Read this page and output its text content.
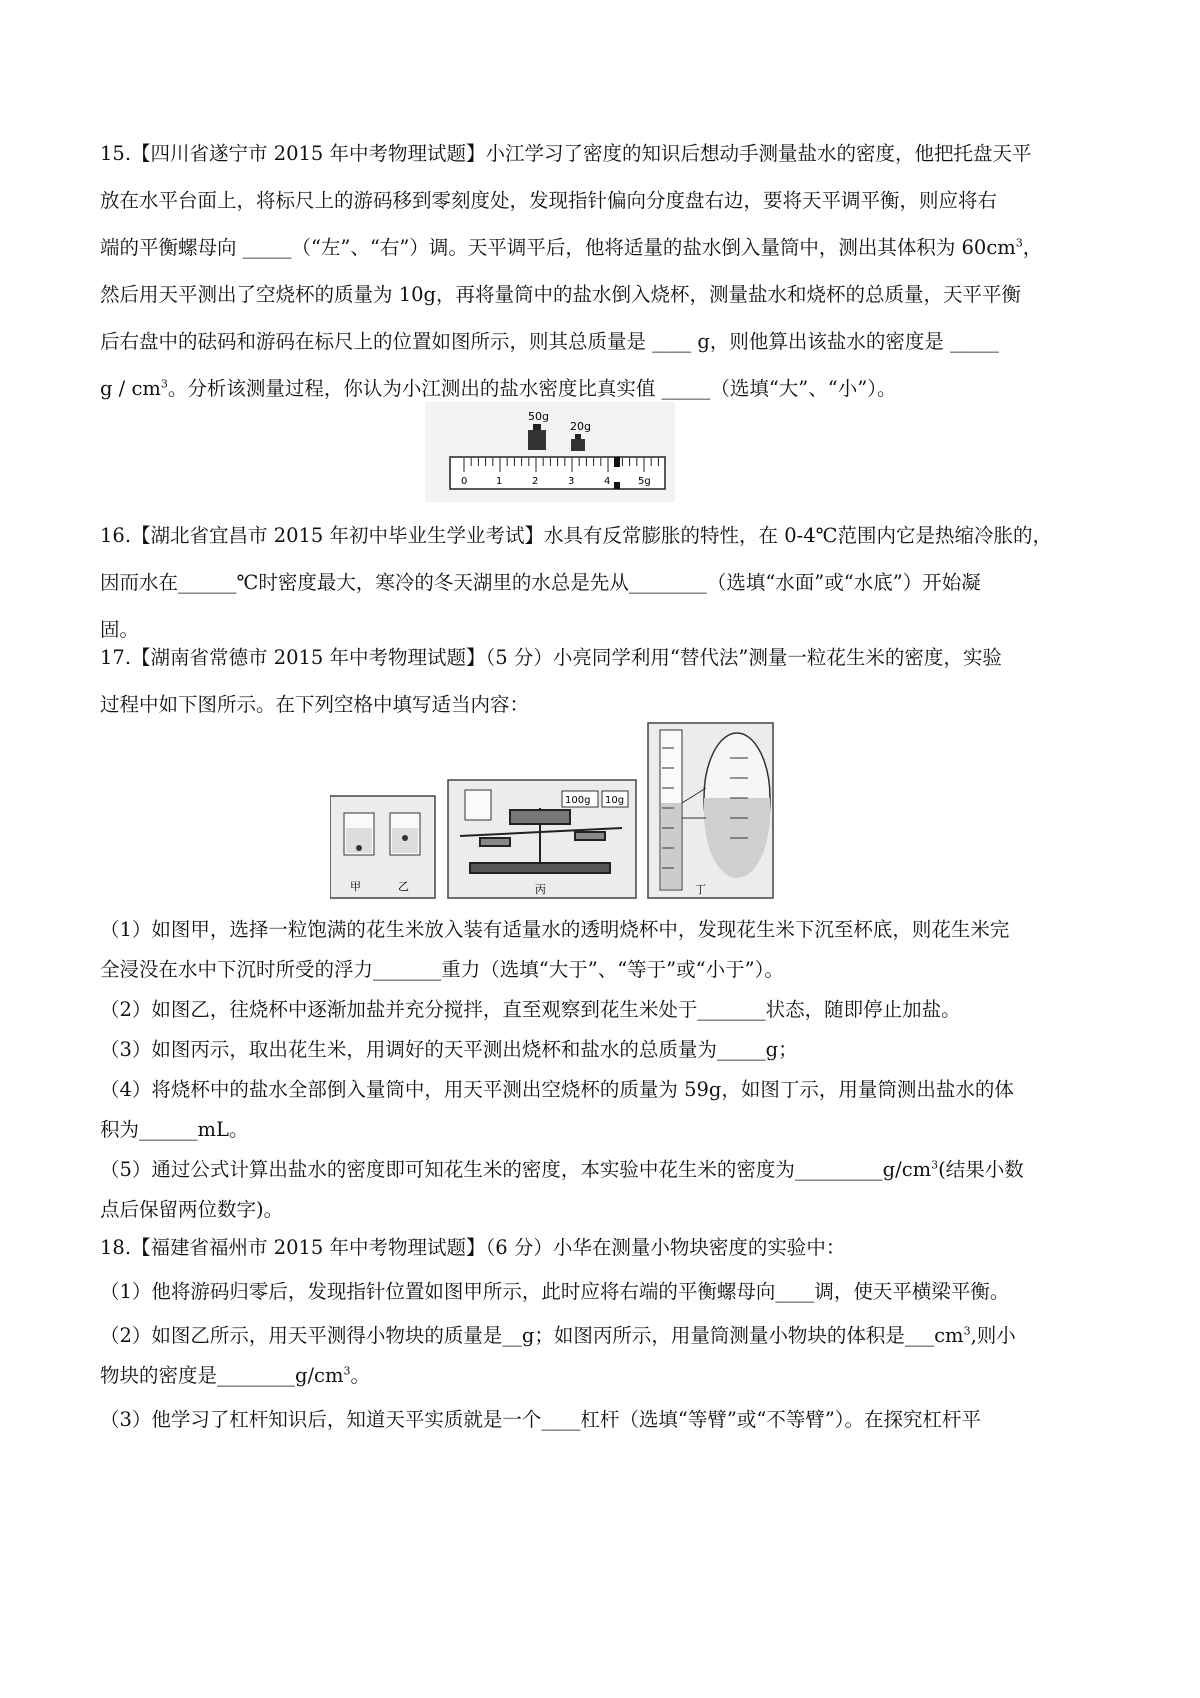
15.【四川省遂宁市 2015 年中考物理试题】小江学习了密度的知识后想动手测量盐水的密度，他把托盘天平
放在水平台面上，将标尺上的游码移到零刻度处，发现指针偏向分度盘右边，要将天平调平衡，则应将右
端的平衡螺母向 _____（“左”、“右”）调。天平调平后，他将适量的盐水倒入量筒中，测出其体积为 $60cm^3$，
然后用天平测出了空烧杯的质量为 10g，再将量筒中的盐水倒入烧杯，测量盐水和烧杯的总质量，天平平衡
后右盘中的砝码和游码在标尺上的位置如图所示，则其总质量是 ____ g，则他算出该盐水的密度是 _____
g / $cm^3$。分析该测量过程，你认为小江测出的盐水密度比真实值 _____（选填“大”、“小”）。
50g
20g
0	1	2	3	4	5g
16.【湖北省宜昌市 2015 年初中毕业生学业考试】水具有反常膨胀的特性，在 0-4℃范围内它是热缩冷胀的，
因而水在______℃时密度最大，寒冷的冬天湖里的水总是先从________（选填“水面”或“水底”）开始凝
固。
17.【湖南省常德市 2015 年中考物理试题】（5 分）小亮同学利用“替代法”测量一粒花生米的密度，实验
过程中如下图所示。在下列空格中填写适当内容：
甲	乙
100g 10g
丙	丁
（1）如图甲，选择一粒饱满的花生米放入装有适量水的透明烧杯中，发现花生米下沉至杯底，则花生米完
全浸没在水中下沉时所受的浮力_______重力（选填“大于”、“等于”或“小于”）。
（2）如图乙，往烧杯中逐渐加盐并充分搅拌，直至观察到花生米处于_______状态，随即停止加盐。
（3）如图丙示，取出花生米，用调好的天平测出烧杯和盐水的总质量为_____g；
（4）将烧杯中的盐水全部倒入量筒中，用天平测出空烧杯的质量为 59g，如图丁示，用量筒测出盐水的体
积为______mL。
（5）通过公式计算出盐水的密度即可知花生米的密度，本实验中花生米的密度为$\_\_\_\_\_\_\_\_\_g/cm^3$(结果小数
点后保留两位数字)。
18.【福建省福州市 2015 年中考物理试题】（6 分）小华在测量小物块密度的实验中：
（1）他将游码归零后，发现指针位置如图甲所示，此时应将右端的平衡螺母向____调，使天平横梁平衡。
（2）如图乙所示，用天平测得小物块的质量是__g；如图丙所示，用量筒测量小物块的体积是$\_\_\_cm^3$,则小
物块的密度是$\_\_\_\_\_\_\_\_g/cm^3$。
（3）他学习了杠杆知识后，知道天平实质就是一个____杠杆（选填“等臂”或“不等臂”）。在探究杠杆平
